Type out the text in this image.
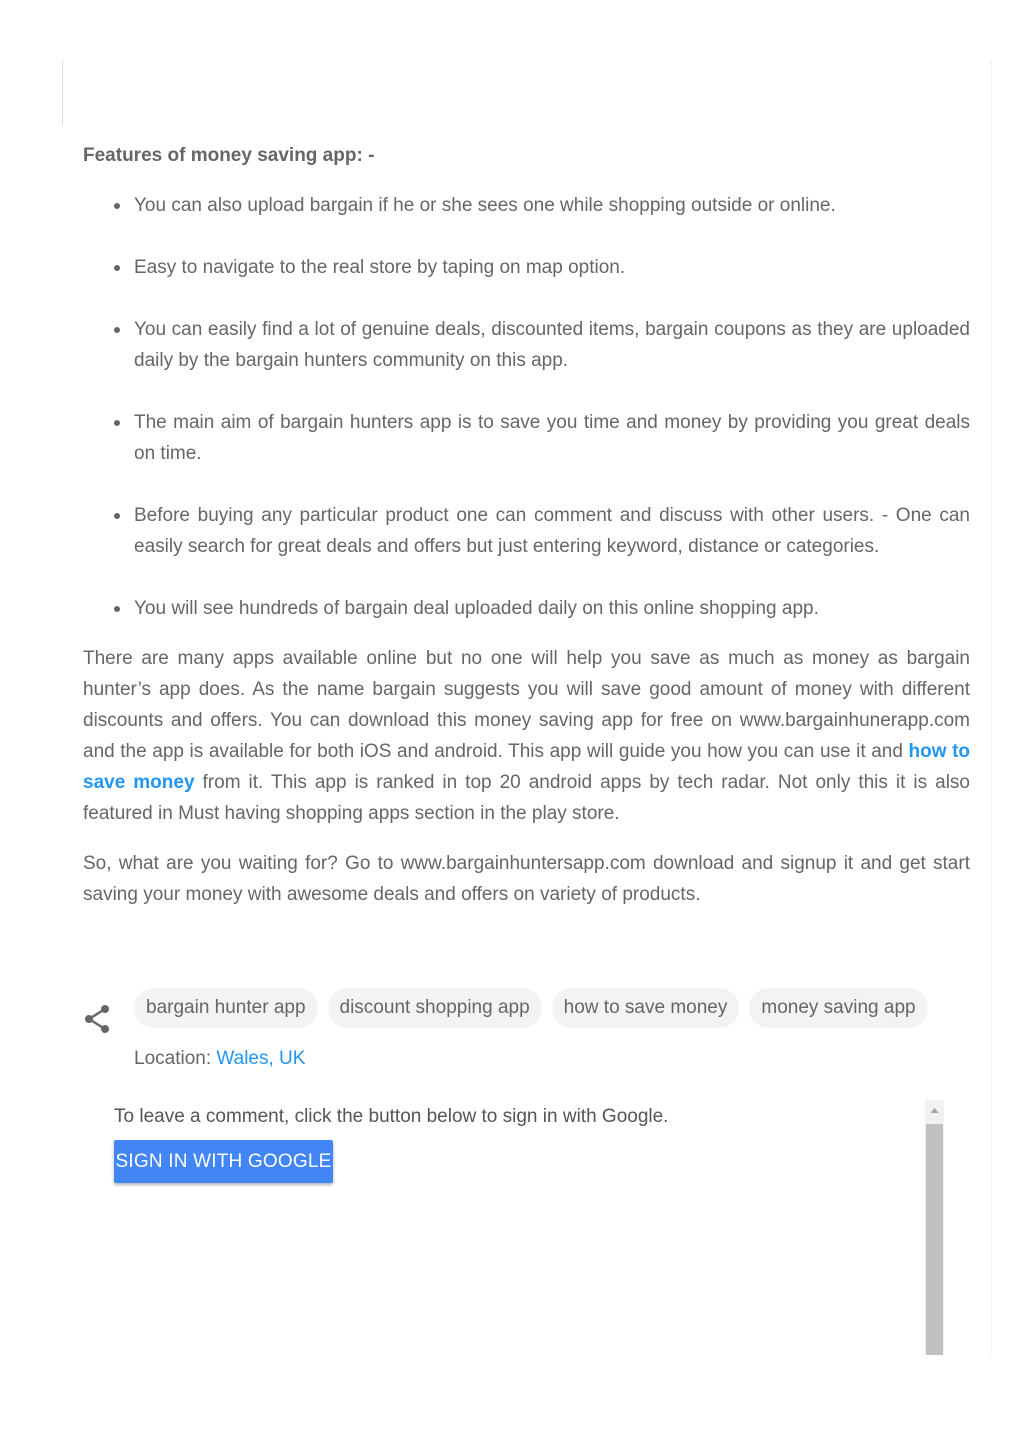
Features of money saving app: -

You can also upload bargain if he or she sees one while shopping outside or online.
Easy to navigate to the real store by taping on map option.
You can easily find a lot of genuine deals, discounted items, bargain coupons as they are uploaded daily by the bargain hunters community on this app.
The main aim of bargain hunters app is to save you time and money by providing you great deals on time.
Before buying any particular product one can comment and discuss with other users. - One can easily search for great deals and offers but just entering keyword, distance or categories.
You will see hundreds of bargain deal uploaded daily on this online shopping app.

There are many apps available online but no one will help you save as much as money as bargain hunter’s app does. As the name bargain suggests you will save good amount of money with different discounts and offers. You can download this money saving app for free on www.bargainhunerapp.com and the app is available for both iOS and android. This app will guide you how you can use it and how to save money from it. This app is ranked in top 20 android apps by tech radar. Not only this it is also featured in Must having shopping apps section in the play store.

So, what are you waiting for? Go to www.bargainhuntersapp.com download and signup it and get start saving your money with awesome deals and offers on variety of products.

bargain hunter app	discount shopping app	how to save money	money saving app
Location: Wales, UK
To leave a comment, click the button below to sign in with Google.
SIGN IN WITH GOOGLE
